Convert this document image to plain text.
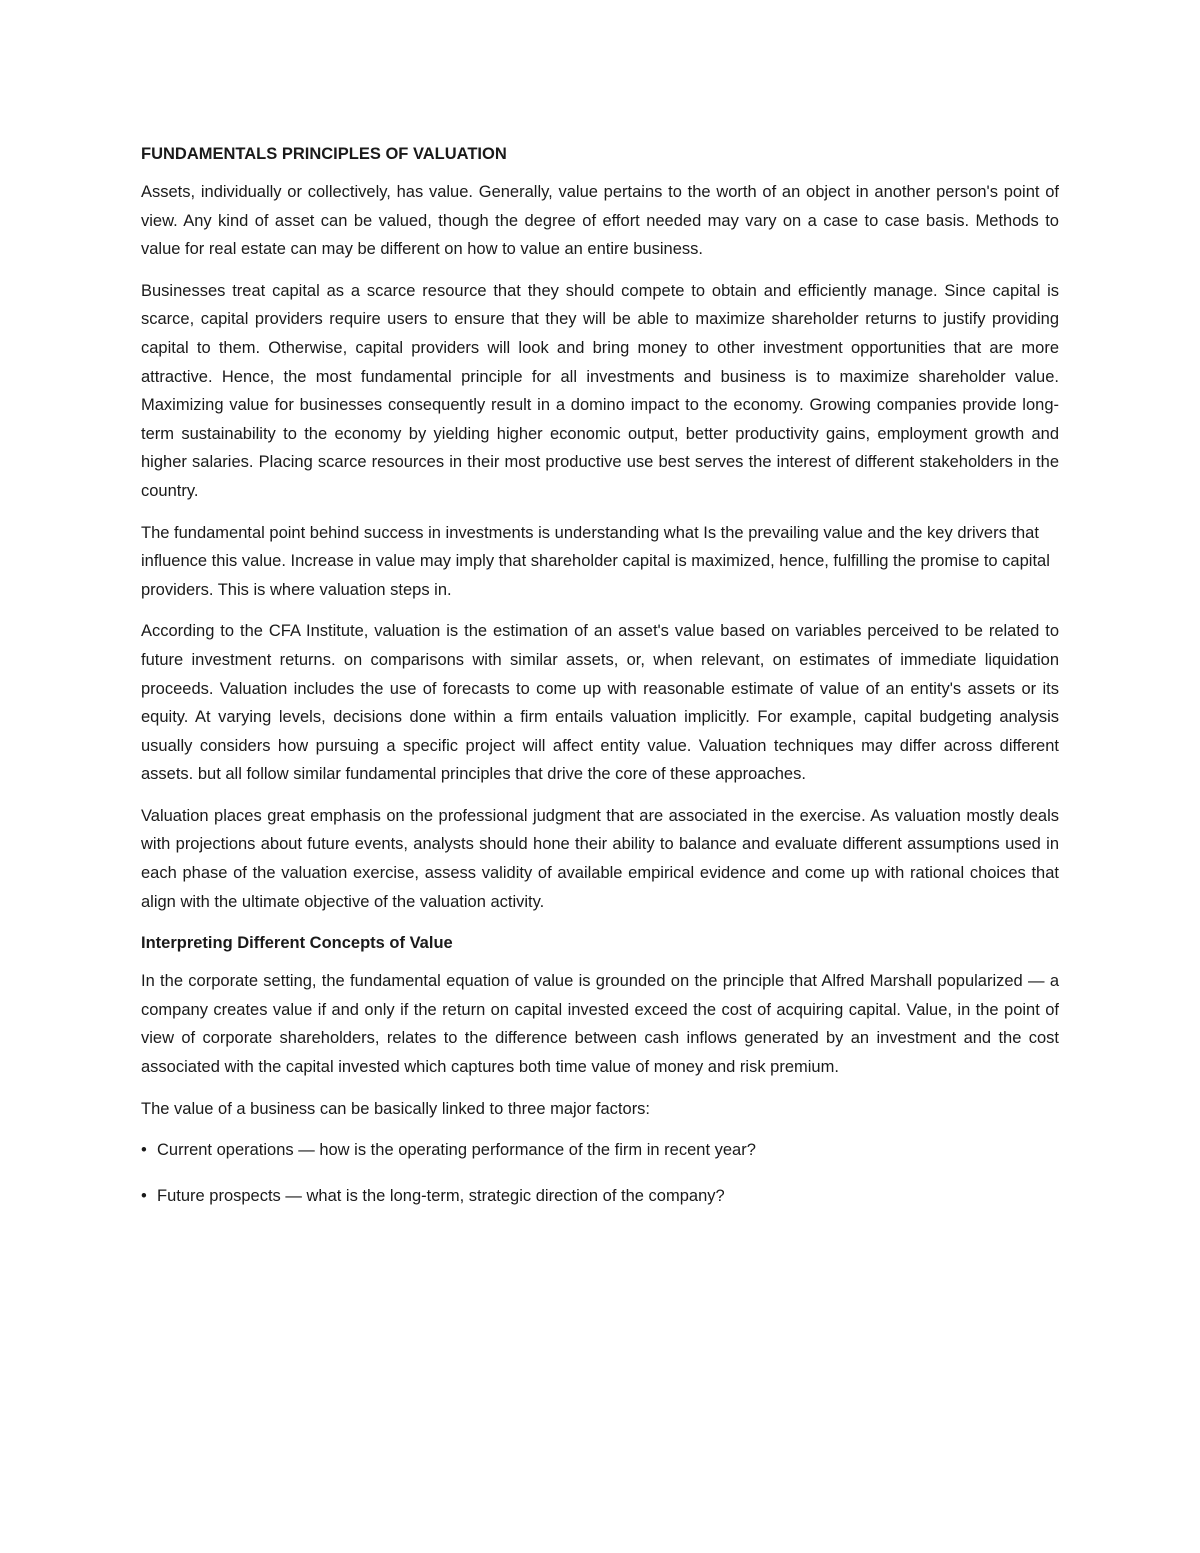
FUNDAMENTALS PRINCIPLES OF VALUATION

Assets, individually or collectively, has value. Generally, value pertains to the worth of an object in another person's point of view. Any kind of asset can be valued, though the degree of effort needed may vary on a case to case basis. Methods to value for real estate can may be different on how to value an entire business.

Businesses treat capital as a scarce resource that they should compete to obtain and efficiently manage. Since capital is scarce, capital providers require users to ensure that they will be able to maximize shareholder returns to justify providing capital to them. Otherwise, capital providers will look and bring money to other investment opportunities that are more attractive. Hence, the most fundamental principle for all investments and business is to maximize shareholder value. Maximizing value for businesses consequently result in a domino impact to the economy. Growing companies provide long-term sustainability to the economy by yielding higher economic output, better productivity gains, employment growth and higher salaries. Placing scarce resources in their most productive use best serves the interest of different stakeholders in the country.

The fundamental point behind success in investments is understanding what Is the prevailing value and the key drivers that influence this value. Increase in value may imply that shareholder capital is maximized, hence, fulfilling the promise to capital providers. This is where valuation steps in.

According to the CFA Institute, valuation is the estimation of an asset's value based on variables perceived to be related to future investment returns. on comparisons with similar assets, or, when relevant, on estimates of immediate liquidation proceeds. Valuation includes the use of forecasts to come up with reasonable estimate of value of an entity's assets or its equity. At varying levels, decisions done within a firm entails valuation implicitly. For example, capital budgeting analysis usually considers how pursuing a specific project will affect entity value. Valuation techniques may differ across different assets. but all follow similar fundamental principles that drive the core of these approaches.

Valuation places great emphasis on the professional judgment that are associated in the exercise. As valuation mostly deals with projections about future events, analysts should hone their ability to balance and evaluate different assumptions used in each phase of the valuation exercise, assess validity of available empirical evidence and come up with rational choices that align with the ultimate objective of the valuation activity.

Interpreting Different Concepts of Value

In the corporate setting, the fundamental equation of value is grounded on the principle that Alfred Marshall popularized — a company creates value if and only if the return on capital invested exceed the cost of acquiring capital. Value, in the point of view of corporate shareholders, relates to the difference between cash inflows generated by an investment and the cost associated with the capital invested which captures both time value of money and risk premium.

The value of a business can be basically linked to three major factors:

• Current operations — how is the operating performance of the firm in recent year?
• Future prospects — what is the long-term, strategic direction of the company?
